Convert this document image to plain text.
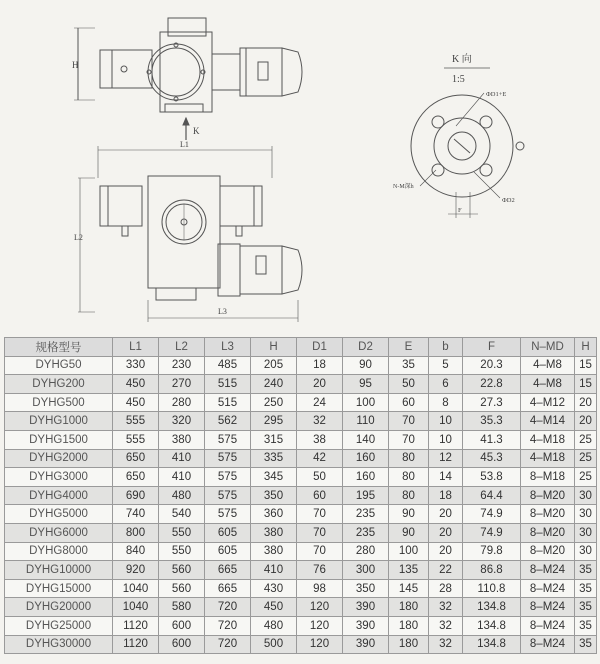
H
K
L1
L2
L3
K 向
1:5
ΦD1+E
N-M深h
ΦD2
F
规格型号	L1	L2	L3	H	D1	D2	E	b	F	N–MD	H
DYHG50	330	230	485	205	18	90	35	5	20.3	4–M8	15
DYHG200	450	270	515	240	20	95	50	6	22.8	4–M8	15
DYHG500	450	280	515	250	24	100	60	8	27.3	4–M12	20
DYHG1000	555	320	562	295	32	110	70	10	35.3	4–M14	20
DYHG1500	555	380	575	315	38	140	70	10	41.3	4–M18	25
DYHG2000	650	410	575	335	42	160	80	12	45.3	4–M18	25
DYHG3000	650	410	575	345	50	160	80	14	53.8	8–M18	25
DYHG4000	690	480	575	350	60	195	80	18	64.4	8–M20	30
DYHG5000	740	540	575	360	70	235	90	20	74.9	8–M20	30
DYHG6000	800	550	605	380	70	235	90	20	74.9	8–M20	30
DYHG8000	840	550	605	380	70	280	100	20	79.8	8–M20	30
DYHG10000	920	560	665	410	76	300	135	22	86.8	8–M24	35
DYHG15000	1040	560	665	430	98	350	145	28	110.8	8–M24	35
DYHG20000	1040	580	720	450	120	390	180	32	134.8	8–M24	35
DYHG25000	1120	600	720	480	120	390	180	32	134.8	8–M24	35
DYHG30000	1120	600	720	500	120	390	180	32	134.8	8–M24	35
